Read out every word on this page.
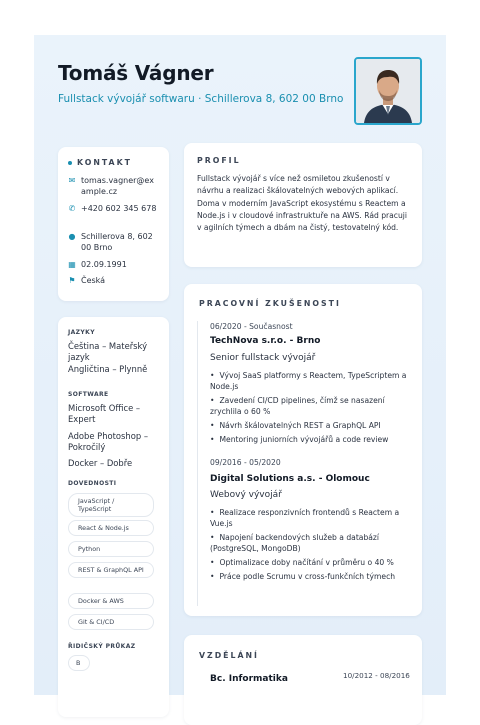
Tomáš Vágner
Fullstack vývojář softwaru · Schillerova 8, 602 00 Brno
KONTAKT
✉ tomas.vagner@example.cz
✆ +420 602 345 678
● Schillerova 8, 602 00 Brno
▦ 02.09.1991
⚑ Česká
JAZYKY
Čeština – Mateřský jazyk
Angličtina – Plynně
SOFTWARE
Microsoft Office – Expert
Adobe Photoshop – Pokročilý
Docker – Dobře
DOVEDNOSTI
JavaScript / TypeScript
React & Node.js
Python
REST & GraphQL API
Docker & AWS
Git & CI/CD
ŘIDIČSKÝ PRŮKAZ
B
PROFIL
Fullstack vývojář s více než osmiletou zkušeností v návrhu a realizaci škálovatelných webových aplikací. Doma v moderním JavaScript ekosystému s Reactem a Node.js i v cloudové infrastruktuře na AWS. Rád pracuji v agilních týmech a dbám na čistý, testovatelný kód.
PRACOVNÍ ZKUŠENOSTI
06/2020 - Současnost
TechNova s.r.o. - Brno
Senior fullstack vývojář
• Vývoj SaaS platformy s Reactem, TypeScriptem a Node.js
• Zavedení CI/CD pipelines, čímž se nasazení zrychlila o 60 %
• Návrh škálovatelných REST a GraphQL API
• Mentoring juniorních vývojářů a code review
09/2016 - 05/2020
Digital Solutions a.s. - Olomouc
Webový vývojář
• Realizace responzivních frontendů s Reactem a Vue.js
• Napojení backendových služeb a databází (PostgreSQL, MongoDB)
• Optimalizace doby načítání v průměru o 40 %
• Práce podle Scrumu v cross-funkčních týmech
VZDĚLÁNÍ
10/2012 - 08/2016
Bc. Informatika
